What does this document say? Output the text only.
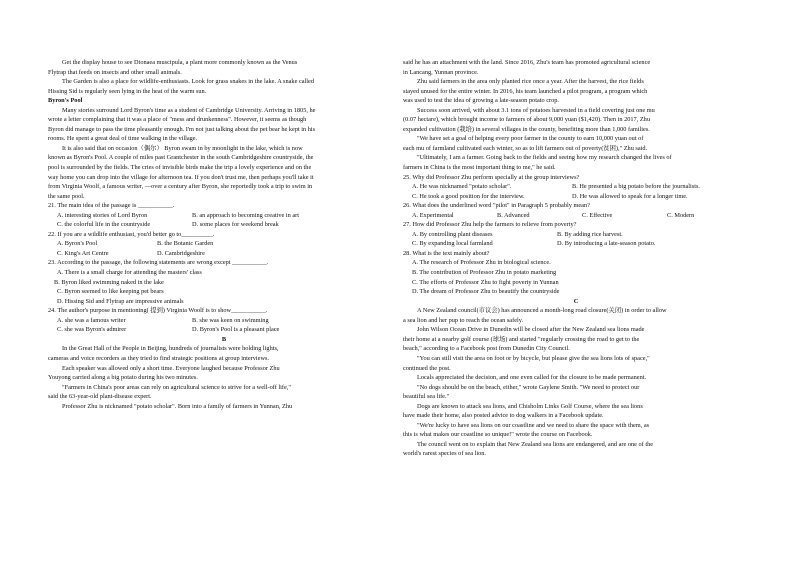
Get the display house to see Dionaea muscipula, a plant more commonly known as the Venus

Flytrap that feeds on insects and other small animals.

The Garden is also a place for wildlife-enthusiasts. Look for grass snakes in the lake. A snake called

Hissing Sid is regularly seen lying in the heat of the warm sun.

Byron's Pool

Many stories surround Lord Byron's time as a student of Cambridge University. Arriving in 1805, he

wrote a letter complaining that it was a place of "mess and drunkenness". However, it seems as though

Byron did manage to pass the time pleasantly enough. I'm not just talking about the pet bear he kept in his

rooms. He spent a great deal of time walking in the village.

It is also said that on occasion（偶尔） Byron swam in by moonlight in the lake, which is now

known as Byron's Pool. A couple of miles past Grantchester in the south Cambridgeshire countryside, the

pool is surrounded by the fields. The cries of invisible birds make the trip a lovely experience and on the

way home you can drop into the village for afternoon tea. If you don't trust me, then perhaps you'll take it

from Virginia Woolf, a famous writer, —over a century after Byron, she reportedly took a trip to swim in

the same pool.

21. The main idea of the passage is ___________.

A. interesting stories of Lord Byron	B. an approach to becoming creative in art

C. the colorful life in the countryside	D. some places for weekend break

22. If you are a wildlife enthusiast, you'd better go to__________.

A. Byron's Pool	B. the Botanic Garden

C. King's Art Centre	D. Cambridgeshire

23. According to the passage, the following statements are wrong except ___________.

A. There is a small charge for attending the masters' class

B. Byron liked swimming naked in the lake

C. Byron seemed to like keeping pet bears

D. Hissing Sid and Flytrap are impressive animals

24. The author's purpose in mentioning( 提到) Virginia Woolf is to show___________.

A. she was a famous writer	B. she was keen on swimming

C. she was Byron's admirer	D. Byron's Pool is a pleasant place

B

In the Great Hall of the People in Beijing, hundreds of journalists were holding lights,

cameras and voice recorders as they tried to find strategic positions at group interviews.

Each speaker was allowed only a short time. Everyone laughed because Professor Zhu

Youyong carried along a big potato during his two minutes.

"Farmers in China's poor areas can rely on agricultural science to strive for a well-off life,"

said the 63-year-old plant-disease expert.

Professor Zhu is nicknamed "potato scholar". Born into a family of farmers in Yunnan, Zhu

said he has an attachment with the land. Since 2016, Zhu's team has promoted agricultural science

in Lancang, Yunnan province.

Zhu said farmers in the area only planted rice once a year. After the harvest, the rice fields

stayed unused for the entire winter. In 2016, his team launched a pilot program, a program which

was used to test the idea of growing a late-season potato crop.

Success soon arrived, with about 3.1 tons of potatoes harvested in a field covering just one mu

(0.07 hectare), which brought income to farmers of about 9,000 yuan ($1,420). Then in 2017, Zhu

expanded cultivation (栽培) in several villages in the county, benefiting more than 1,000 families.

"We have set a goal of helping every poor farmer in the county to earn 10,000 yuan out of

each mu of farmland cultivated each winter, so as to lift farmers out of poverty(贫困)," Zhu said.

"Ultimately, I am a farmer. Going back to the fields and seeing how my research changed the lives of

farmers in China is the most important thing to me," he said.

25. Why did Professor Zhu perform specially at the group interviews?

A. He was nicknamed "potato scholar".	B. He presented a big potato before the journalists.

C. He took a good position for the interview.	D. He was allowed to speak for a longer time.

26. What does the underlined word "pilot" in Paragraph 5 probably mean?

A. Experimental	B. Advanced	C. Effective	C. Modern

27. How did Professor Zhu help the farmers to relieve from poverty?

A. By controlling plant diseases	B. By adding rice harvest.

C. By expanding local farmland	D. By introducing a late-season potato.

28. What is the text mainly about?

A. The research of Professor Zhu in biological science.

B. The contribution of Professor Zhu in potato marketing

C. The efforts of Professor Zhu to fight poverty in Yunnan

D. The dream of Professor Zhu to beautify the countryside

C

A New Zealand council(市议会) has announced a month-long road closure(关闭) in order to allow

a sea lion and her pup to reach the ocean safely.

John Wilson Ocean Drive in Dunedin will be closed after the New Zealand sea lions made

their home at a nearby golf course (球场) and started "regularly crossing the road to get to the

beach," according to a Facebook post from Dunedin City Council.

"You can still visit the area on foot or by bicycle, but please give the sea lions lots of space,"

continued the post.

Locals appreciated the decision, and one even called for the closure to be made permanent.

"No dogs should be on the beach, either," wrote Gaylene Smith. "We need to protect our

beautiful sea life."

Dogs are known to attack sea lions, and Chisholm Links Golf Course, where the sea lions

have made their home, also posted advice to dog walkers in a Facebook update.

"We're lucky to have sea lions on our coastline and we need to share the space with them, as

this is what makes our coastline so unique!" wrote the course on Facebook.

The council went on to explain that New Zealand sea lions are endangered, and are one of the

world's rarest species of sea lion.
